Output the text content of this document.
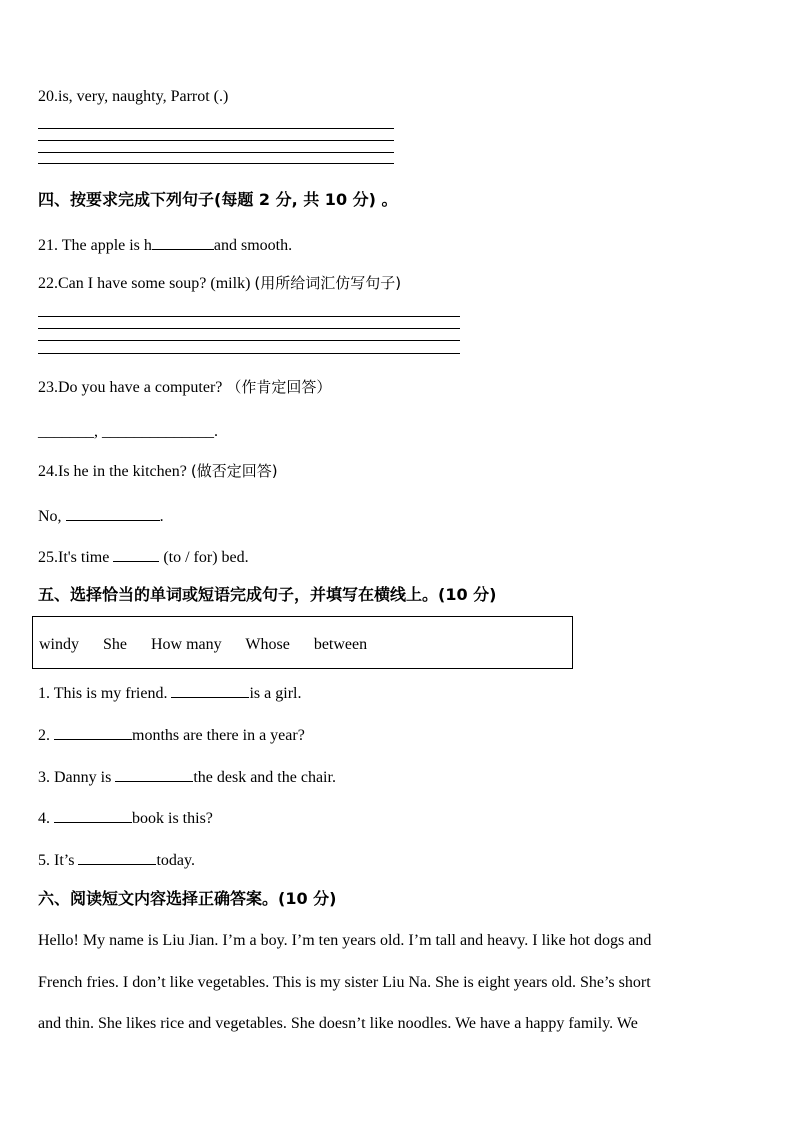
20.is, very, naughty, Parrot (.)
四、按要求完成下列句子(每题 2 分, 共 10 分) 。
21. The apple is h	and smooth.
22.Can I have some soup? (milk) (用所给词汇仿写句子)
23.Do you have a computer? （作肯定回答）
_______, ______________.
24.Is he in the kitchen? (做否定回答)
No,	.
25.It's time	(to / for) bed.
五、选择恰当的单词或短语完成句子，并填写在横线上。(10 分)
windy She How many Whose between
1. This is my friend.	is a girl.
2.	months are there in a year?
3. Danny is	the desk and the chair.
4.	book is this?
5. It’s	today.
六、阅读短文内容选择正确答案。(10 分)
Hello! My name is Liu Jian. I’m a boy. I’m ten years old. I’m tall and heavy. I like hot dogs and
French fries. I don’t like vegetables. This is my sister Liu Na. She is eight years old. She’s short
and thin. She likes rice and vegetables. She doesn’t like noodles. We have a happy family. We
